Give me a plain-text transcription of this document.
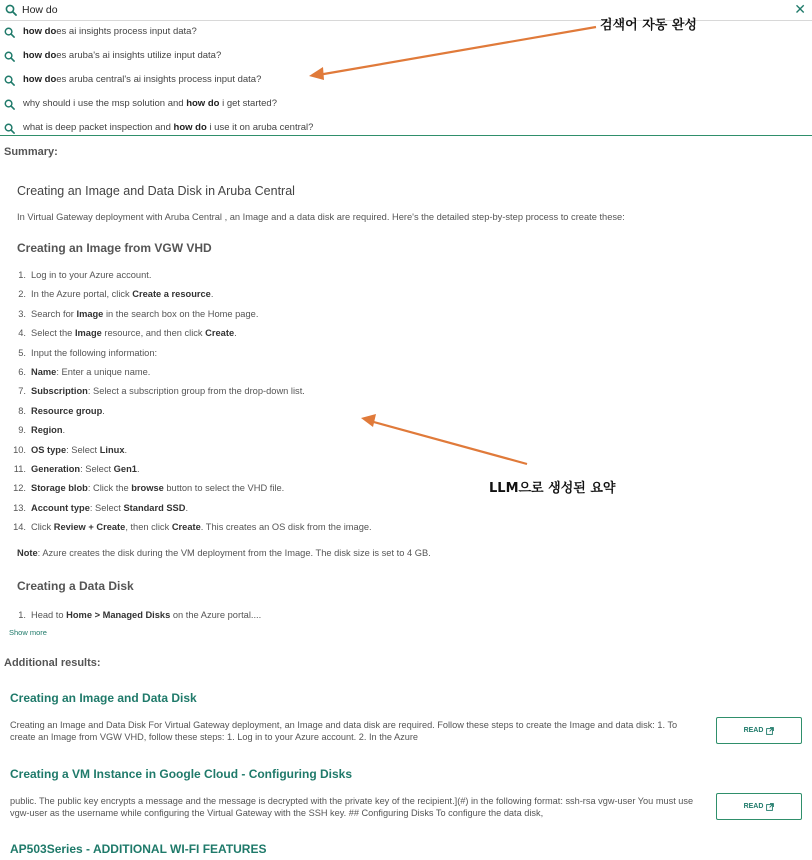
How do
✕
how does ai insights process input data?
how does aruba's ai insights utilize input data?
how does aruba central's ai insights process input data?
why should i use the msp solution and how do i get started?
what is deep packet inspection and how do i use it on aruba central?
검색어 자동 완성
LLM으로 생성된 요약
Summary:
Creating an Image and Data Disk in Aruba Central
In Virtual Gateway deployment with Aruba Central , an Image and a data disk are required. Here's the detailed step-by-step process to create these:
Creating an Image from VGW VHD
1. Log in to your Azure account.
2. In the Azure portal, click Create a resource.
3. Search for Image in the search box on the Home page.
4. Select the Image resource, and then click Create.
5. Input the following information:
6. Name: Enter a unique name.
7. Subscription: Select a subscription group from the drop-down list.
8. Resource group.
9. Region.
10. OS type: Select Linux.
11. Generation: Select Gen1.
12. Storage blob: Click the browse button to select the VHD file.
13. Account type: Select Standard SSD.
14. Click Review + Create, then click Create. This creates an OS disk from the image.
Note: Azure creates the disk during the VM deployment from the Image. The disk size is set to 4 GB.
Creating a Data Disk
1. Head to Home > Managed Disks on the Azure portal....
Show more
Additional results:
Creating an Image and Data Disk
Creating an Image and Data Disk For Virtual Gateway deployment, an Image and data disk are required. Follow these steps to create the Image and data disk: 1. To create an Image from VGW VHD, follow these steps: 1. Log in to your Azure account. 2. In the Azure
READ
Creating a VM Instance in Google Cloud - Configuring Disks
public. The public key encrypts a message and the message is decrypted with the private key of the recipient.](#) in the following format: ssh-rsa vgw-user You must use vgw-user as the username while configuring the Virtual Gateway with the SSH key. ## Configuring Disks To configure the data disk,
READ
AP503Series - ADDITIONAL WI-FI FEATURES
